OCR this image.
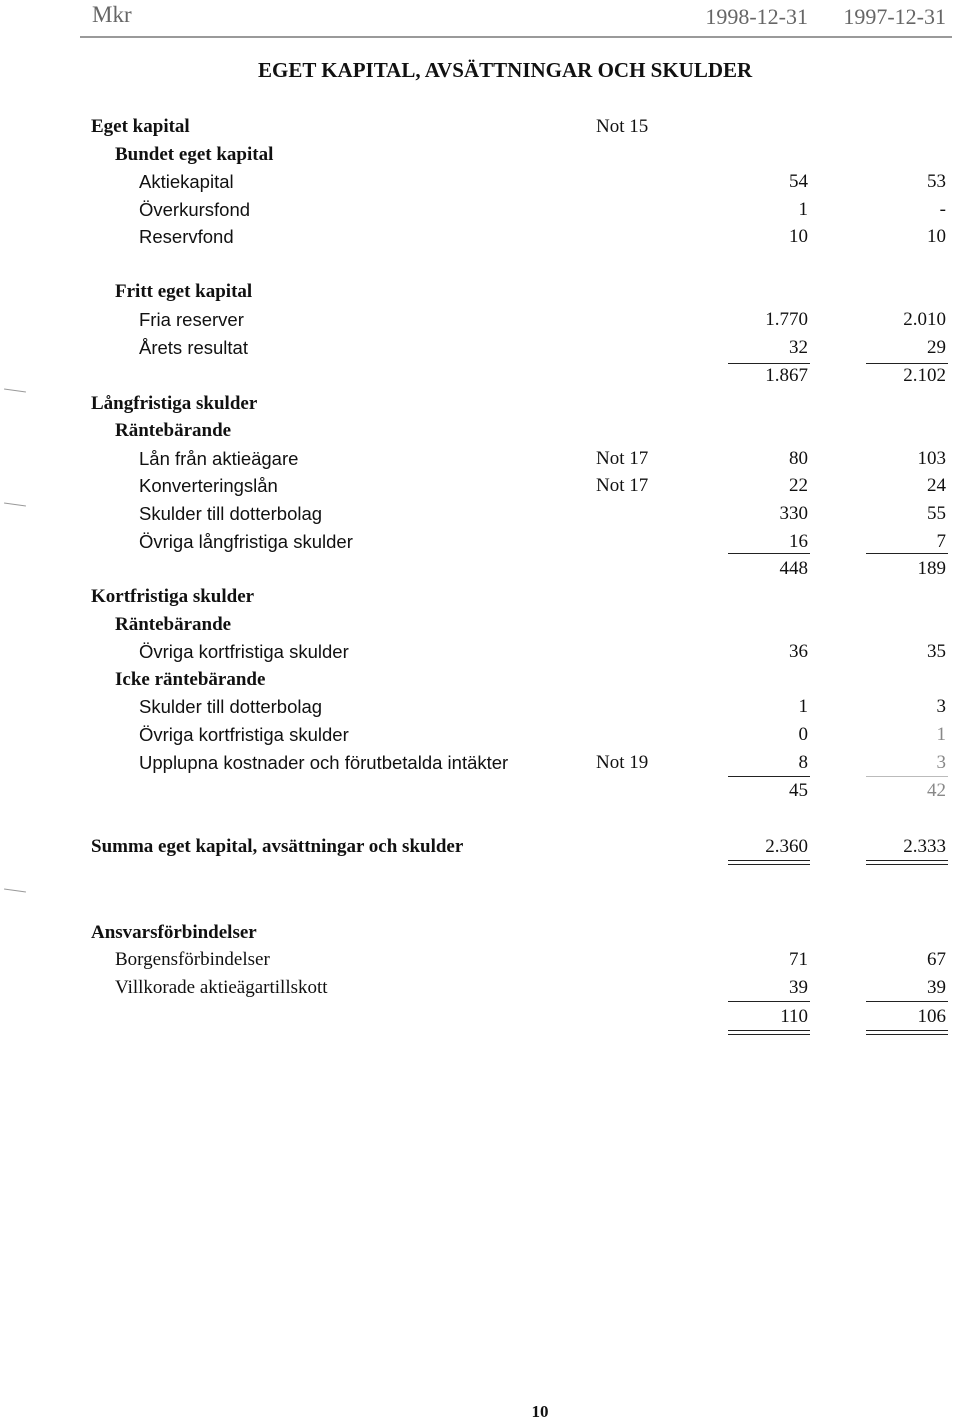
Mkr	1998-12-31	1997-12-31
EGET KAPITAL, AVSÄTTNINGAR OCH SKULDER
Eget kapital	Not 15
Bundet eget kapital
Aktiekapital	54	53
Överkursfond	1	-
Reservfond	10	10
Fritt eget kapital
Fria reserver	1.770	2.010
Årets resultat	32	29
1.867	2.102
Långfristiga skulder
Räntebärande
Lån från aktieägare	Not 17	80	103
Konverteringslån	Not 17	22	24
Skulder till dotterbolag	330	55
Övriga långfristiga skulder	16	7
448	189
Kortfristiga skulder
Räntebärande
Övriga kortfristiga skulder	36	35
Icke räntebärande
Skulder till dotterbolag	1	3
Övriga kortfristiga skulder	0	1
Upplupna kostnader och förutbetalda intäkter	Not 19	8	3
45	42
Summa eget kapital, avsättningar och skulder	2.360	2.333
Ansvarsförbindelser
Borgensförbindelser	71	67
Villkorade aktieägartillskott	39	39
110	106
10
